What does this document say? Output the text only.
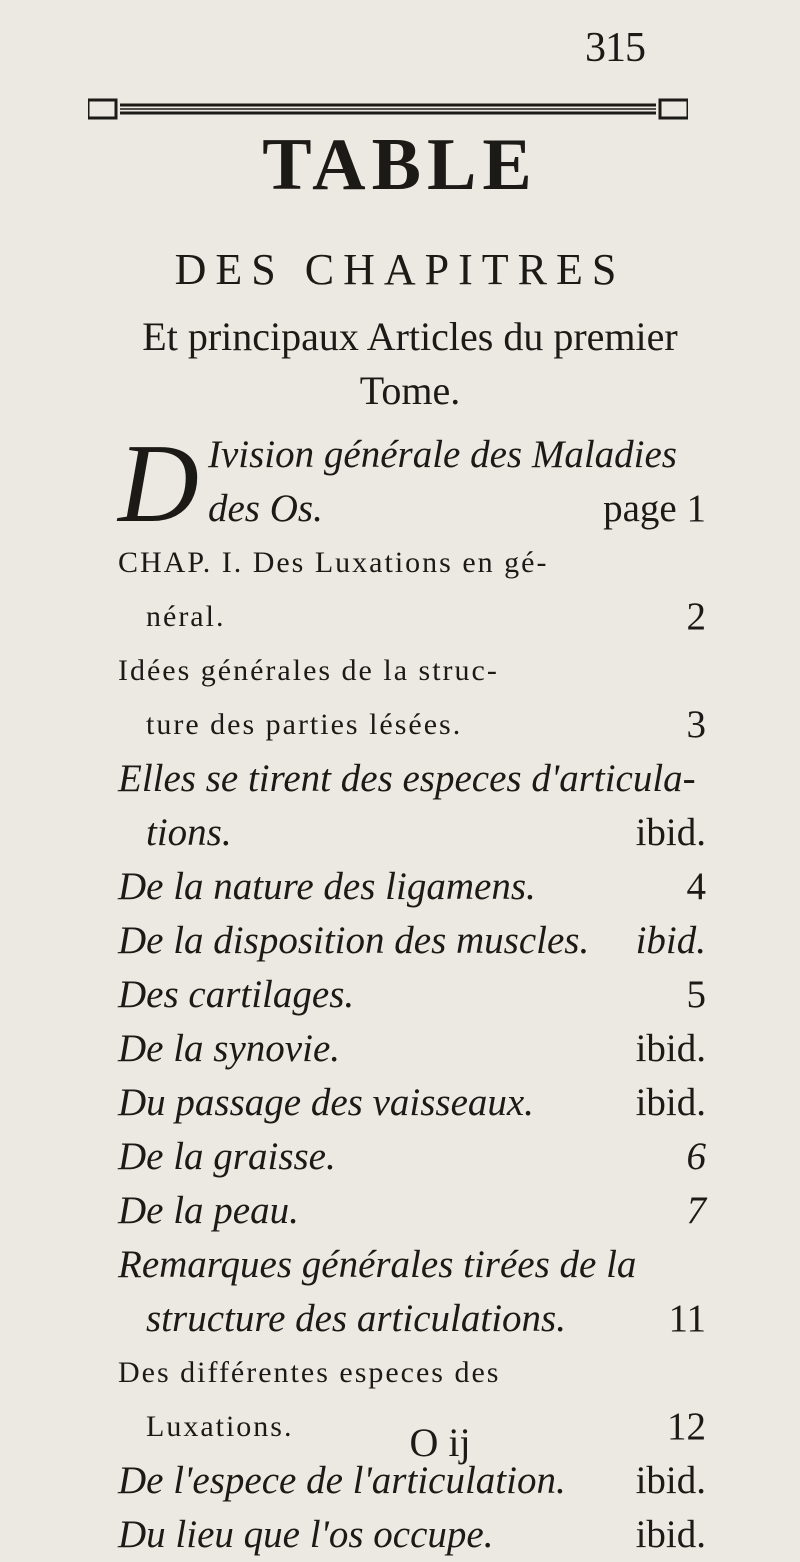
315
TABLE
DES CHAPITRES
Et principaux Articles du premier Tome.
D Ivision générale des Maladies
des Os.	page 1
CHAP. I. Des Luxations en gé-
néral.	2
Idées générales de la struc-
ture des parties lésées.	3
Elles se tirent des especes d'articula-
tions.	ibid.
De la nature des ligamens.	4
De la disposition des muscles. ibid.
Des cartilages.	5
De la synovie.	ibid.
Du passage des vaisseaux.	ibid.
De la graisse.	6
De la peau.	7
Remarques générales tirées de la
structure des articulations.	11
Des différentes especes des
Luxations.	12
De l'espece de l'articulation. ibid.
Du lieu que l'os occupe.	ibid.
O ij
